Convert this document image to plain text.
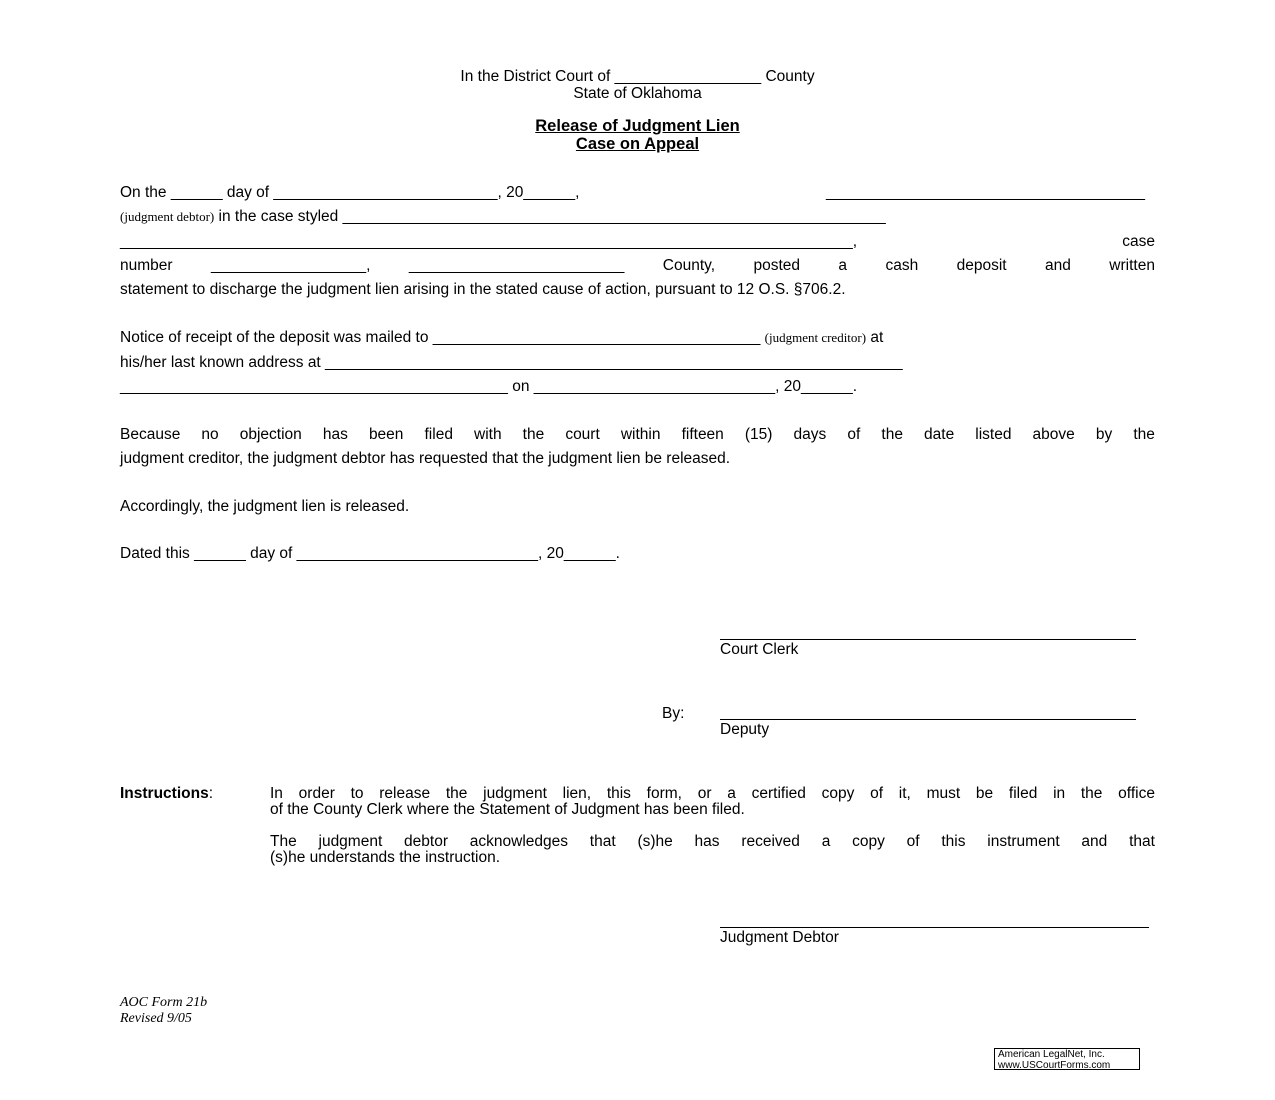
In the District Court of _________________ County
State of Oklahoma
Release of Judgment Lien
Case on Appeal
On the ______ day of __________________________, 20______,	_____________________________________
(judgment debtor) in the case styled _______________________________________________________________
_____________________________________________________________________________________,	case
number __________________, _________________________ County, posted a cash deposit and written
statement to discharge the judgment lien arising in the stated cause of action, pursuant to 12 O.S. §706.2.
Notice of receipt of the deposit was mailed to ______________________________________ (judgment creditor) at
his/her last known address at ___________________________________________________________________
_____________________________________________ on ____________________________, 20______.
Because no objection has been filed with the court within fifteen (15) days of the date listed above by the
judgment creditor, the judgment debtor has requested that the judgment lien be released.
Accordingly, the judgment lien is released.
Dated this ______ day of ____________________________, 20______.
Court Clerk
By:
Deputy
Instructions:	In order to release the judgment lien, this form, or a certified copy of it, must be filed in the office
of the County Clerk where the Statement of Judgment has been filed.
The judgment debtor acknowledges that (s)he has received a copy of this instrument and that
(s)he understands the instruction.
Judgment Debtor
AOC Form 21b
Revised 9/05
American LegalNet, Inc.
www.USCourtForms.com
